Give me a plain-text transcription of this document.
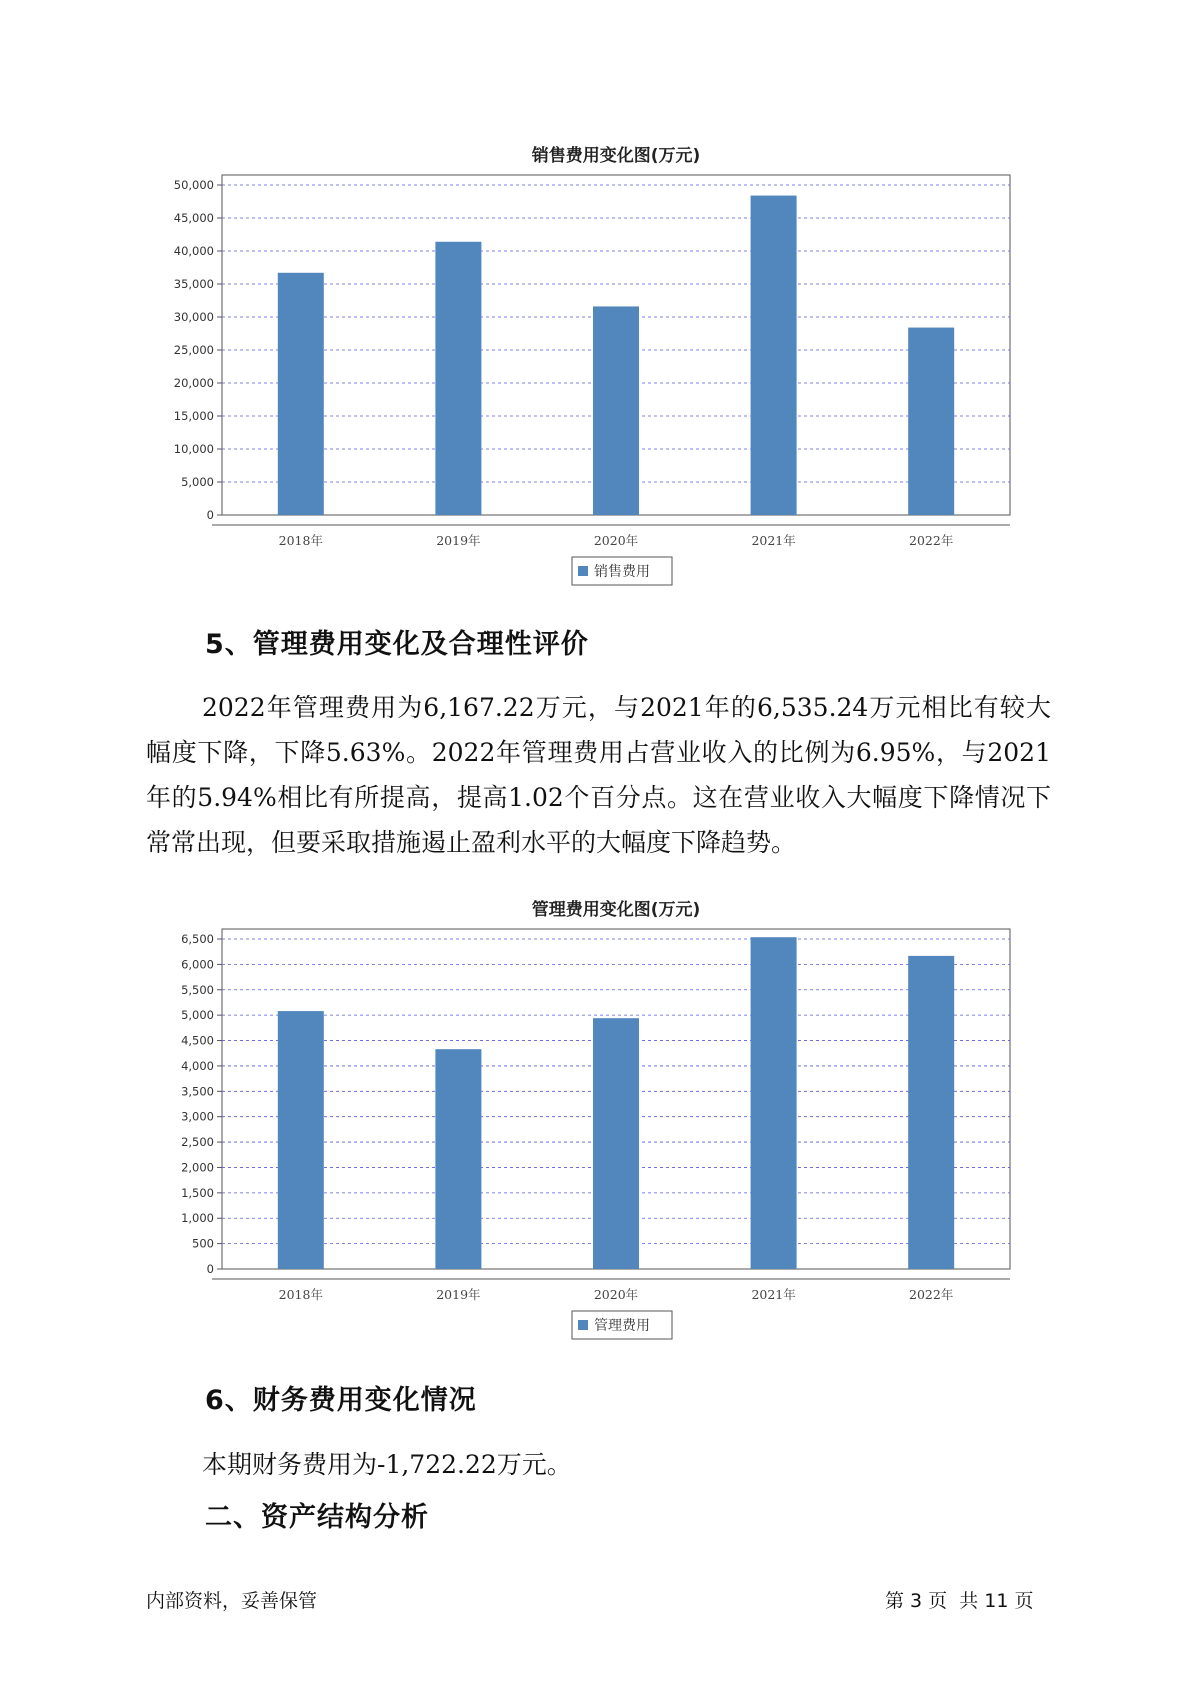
销售费用变化图(万元)
0
5,000
10,000
15,000
20,000
25,000
30,000
35,000
40,000
45,000
50,000
2018年	2019年	2020年	2021年	2022年
销售费用
5、管理费用变化及合理性评价

2022年管理费用为6,167.22万元，与2021年的6,535.24万元相比有较大幅度下降，下降5.63%。2022年管理费用占营业收入的比例为6.95%，与2021年的5.94%相比有所提高，提高1.02个百分点。这在营业收入大幅度下降情况下常常出现，但要采取措施遏止盈利水平的大幅度下降趋势。

管理费用变化图(万元)
0
500
1,000
1,500
2,000
2,500
3,000
3,500
4,000
4,500
5,000
5,500
6,000
6,500
2018年	2019年	2020年	2021年	2022年
管理费用
6、财务费用变化情况

本期财务费用为-1,722.22万元。

二、资产结构分析

内部资料，妥善保管	第 3 页  共 11 页
